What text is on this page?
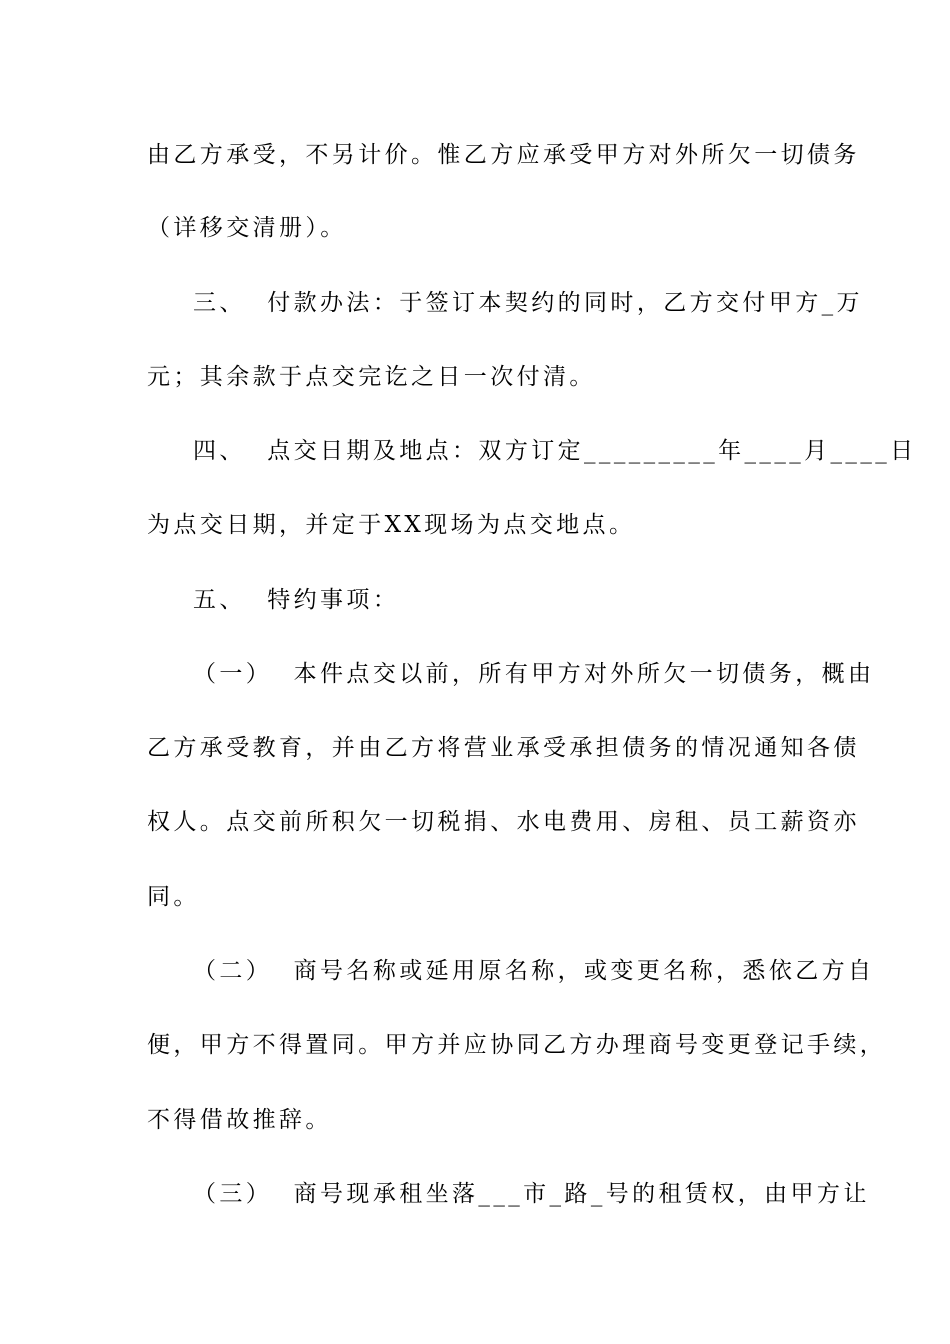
由乙方承受，不另计价。惟乙方应承受甲方对外所欠一切债务
（详移交清册）。
三、  付款办法：于签订本契约的同时，乙方交付甲方_万
元；其余款于点交完讫之日一次付清。
四、  点交日期及地点：双方订定_________年____月____日
为点交日期，并定于XX现场为点交地点。
五、  特约事项：
（一）  本件点交以前，所有甲方对外所欠一切债务，概由
乙方承受教育，并由乙方将营业承受承担债务的情况通知各债
权人。点交前所积欠一切税捐、水电费用、房租、员工薪资亦
同。
（二）  商号名称或延用原名称，或变更名称，悉依乙方自
便，甲方不得置同。甲方并应协同乙方办理商号变更登记手续，
不得借故推辞。
（三）  商号现承租坐落___市_路_号的租赁权，由甲方让
